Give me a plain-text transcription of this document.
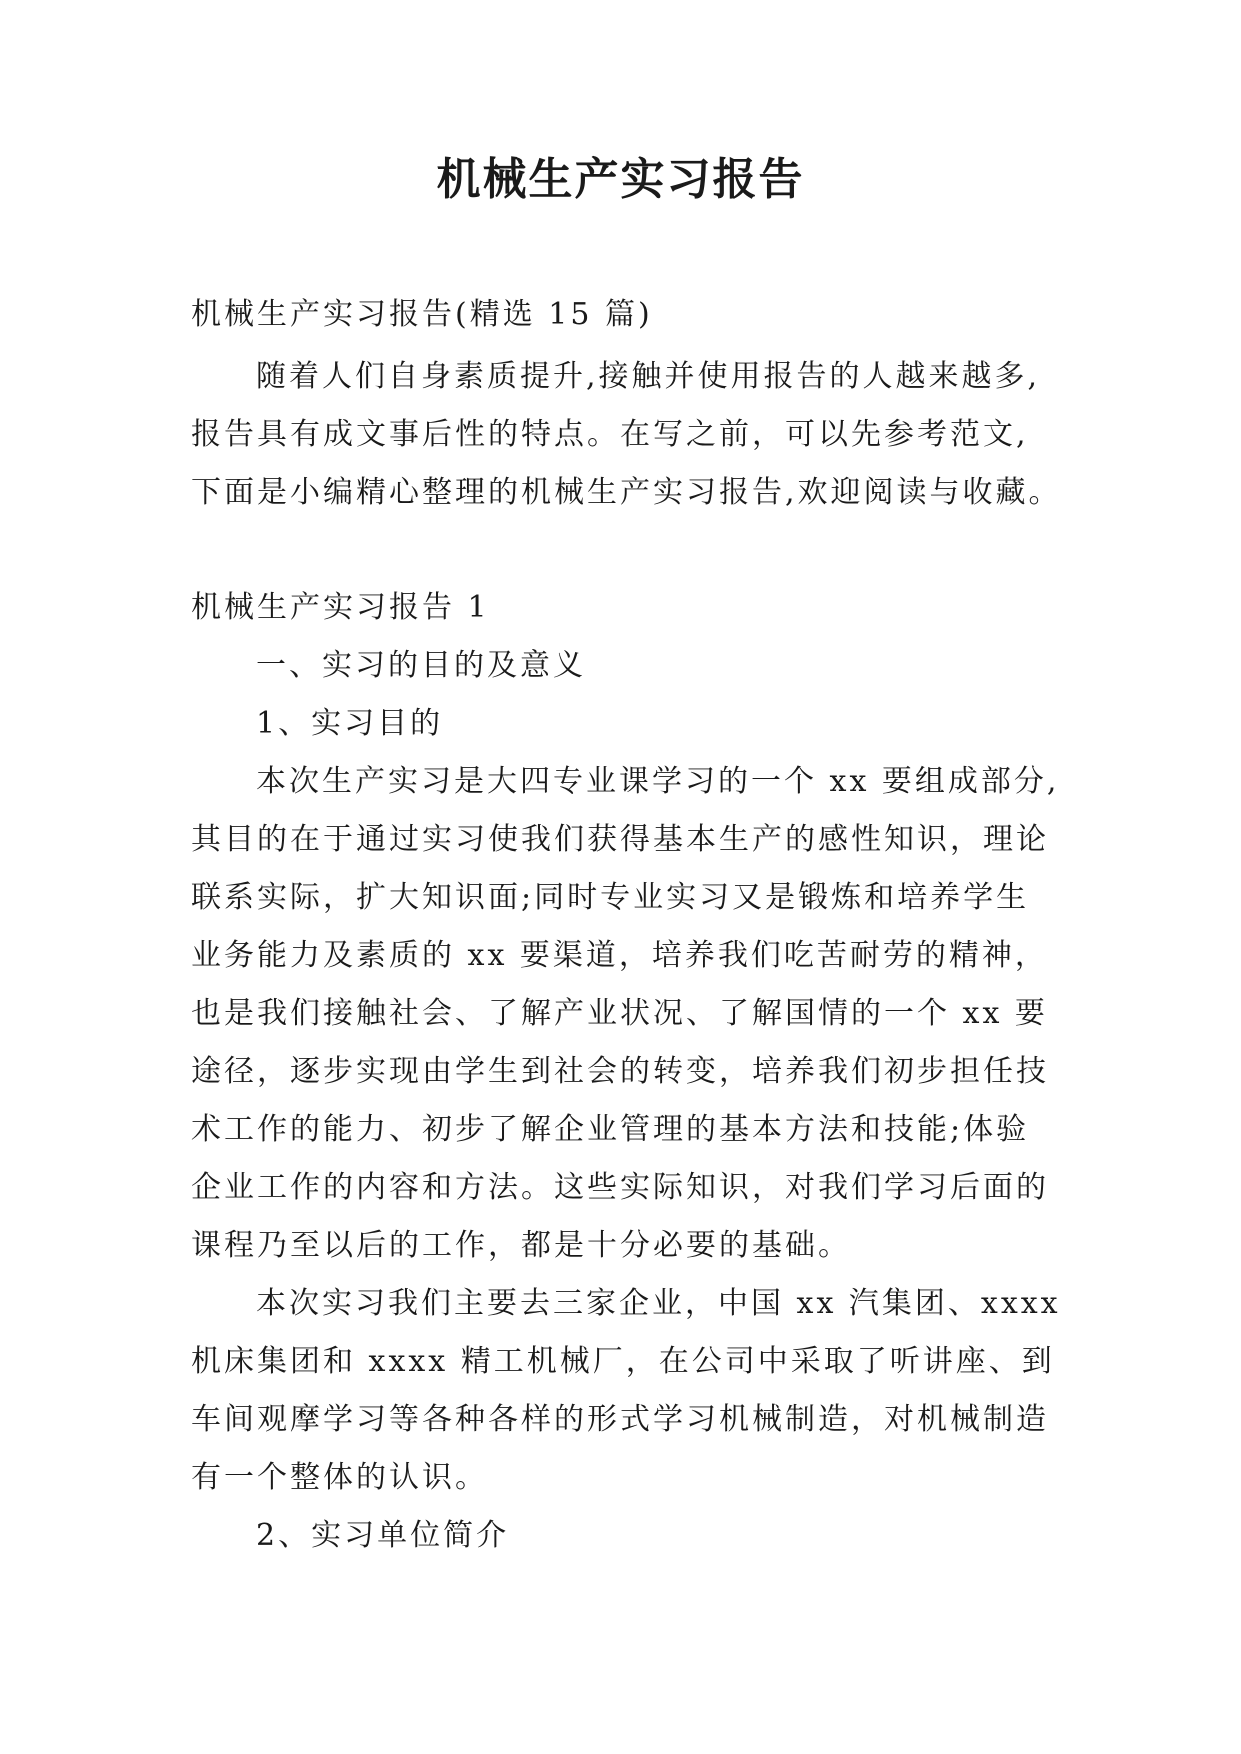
机械生产实习报告

机械生产实习报告(精选 15 篇)

随着人们自身素质提升,接触并使用报告的人越来越多,

报告具有成文事后性的特点。在写之前，可以先参考范文,

下面是小编精心整理的机械生产实习报告,欢迎阅读与收藏。

机械生产实习报告 1

一、实习的目的及意义

1、实习目的

本次生产实习是大四专业课学习的一个 xx 要组成部分,

其目的在于通过实习使我们获得基本生产的感性知识，理论

联系实际，扩大知识面;同时专业实习又是锻炼和培养学生

业务能力及素质的 xx 要渠道，培养我们吃苦耐劳的精神，

也是我们接触社会、了解产业状况、了解国情的一个 xx 要

途径，逐步实现由学生到社会的转变，培养我们初步担任技

术工作的能力、初步了解企业管理的基本方法和技能;体验

企业工作的内容和方法。这些实际知识，对我们学习后面的

课程乃至以后的工作，都是十分必要的基础。

本次实习我们主要去三家企业，中国 xx 汽集团、xxxx

机床集团和 xxxx 精工机械厂，在公司中采取了听讲座、到

车间观摩学习等各种各样的形式学习机械制造，对机械制造

有一个整体的认识。

2、实习单位简介
